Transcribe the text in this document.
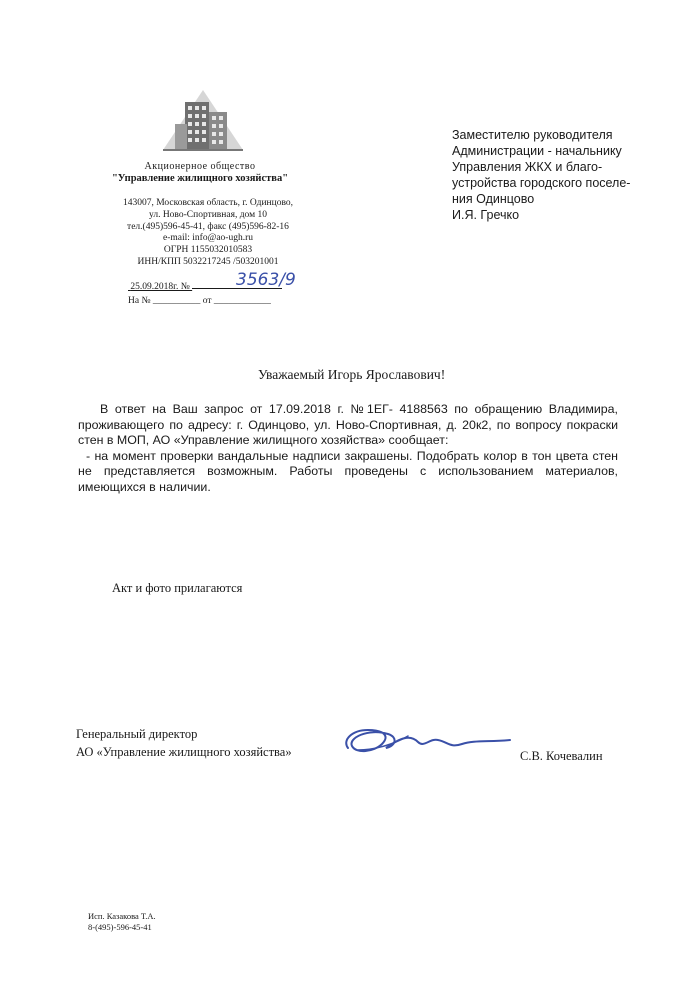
Акционерное общество
"Управление жилищного хозяйства"
143007, Московская область, г. Одинцово,
ул. Ново-Спортивная, дом 10
тел.(495)596-45-41, факс (495)596-82-16
e-mail: info@ao-ugh.ru
ОГРН 1155032010583
ИНН/КПП 5032217245 /503201001
25.09.2018г. №	3563/9
На № __________ от ____________
Заместителю руководителя
Администрации - начальнику
Управления ЖКХ и благо-
устройства городского поселе-
ния Одинцово
И.Я. Гречко
Уважаемый Игорь Ярославович!

В ответ на Ваш запрос от 17.09.2018 г. №1ЕГ- 4188563 по обращению Владимира, проживающего по адресу: г. Одинцово, ул. Ново-Спортивная, д. 20к2, по вопросу покраски стен в МОП, АО «Управление жилищного хозяйства» сообщает:

- на момент проверки вандальные надписи закрашены. Подобрать колор в тон цвета стен не представляется возможным. Работы проведены с использованием материалов, имеющихся в наличии.

Акт и фото прилагаются
Генеральный директор
АО «Управление жилищного хозяйства»	С.В. Кочевалин
Исп. Казакова Т.А.
8-(495)-596-45-41
